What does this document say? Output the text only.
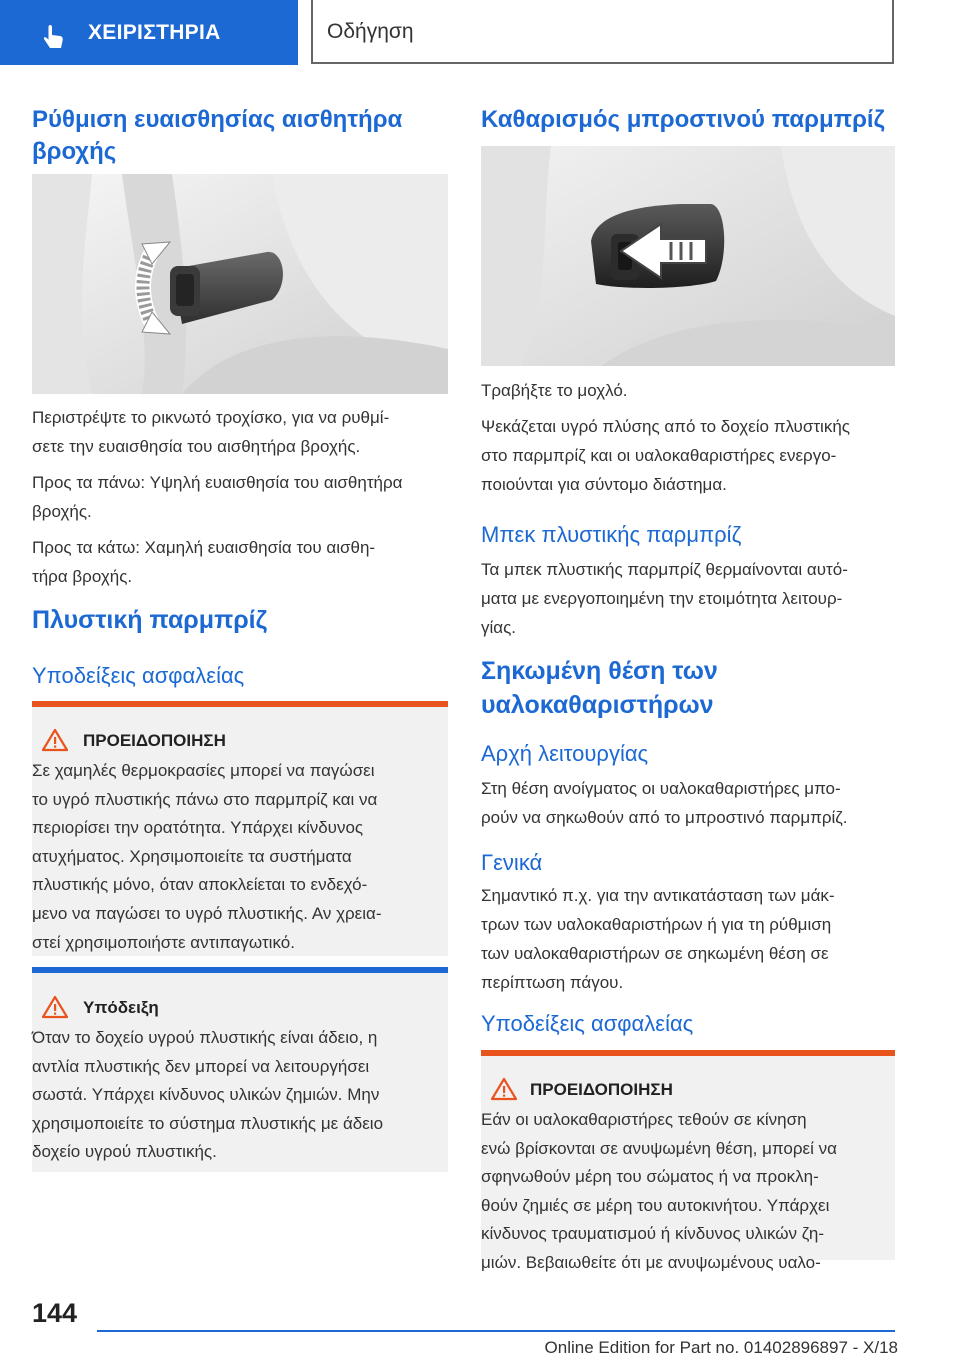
ΧΕΙΡΙΣΤΗΡΙΑ	Οδήγηση
Ρύθμιση ευαισθησίας αισθητήρα
βροχής
Περιστρέψτε το ρικνωτό τροχίσκο, για να ρυθμί-
σετε την ευαισθησία του αισθητήρα βροχής.
Προς τα πάνω: Υψηλή ευαισθησία του αισθητήρα
βροχής.
Προς τα κάτω: Χαμηλή ευαισθησία του αισθη-
τήρα βροχής.
Πλυστική παρμπρίζ
Υποδείξεις ασφαλείας
ΠΡΟΕΙΔΟΠΟΙΗΣΗ
Σε χαμηλές θερμοκρασίες μπορεί να παγώσει
το υγρό πλυστικής πάνω στο παρμπρίζ και να
περιορίσει την ορατότητα. Υπάρχει κίνδυνος
ατυχήματος. Χρησιμοποιείτε τα συστήματα
πλυστικής μόνο, όταν αποκλείεται το ενδεχό-
μενο να παγώσει το υγρό πλυστικής. Αν χρεια-
στεί χρησιμοποιήστε αντιπαγωτικό.
Υπόδειξη
Όταν το δοχείο υγρού πλυστικής είναι άδειο, η
αντλία πλυστικής δεν μπορεί να λειτουργήσει
σωστά. Υπάρχει κίνδυνος υλικών ζημιών. Μην
χρησιμοποιείτε το σύστημα πλυστικής με άδειο
δοχείο υγρού πλυστικής.
Καθαρισμός μπροστινού παρμπρίζ
Τραβήξτε το μοχλό.
Ψεκάζεται υγρό πλύσης από το δοχείο πλυστικής
στο παρμπρίζ και οι υαλοκαθαριστήρες ενεργο-
ποιούνται για σύντομο διάστημα.
Μπεκ πλυστικής παρμπρίζ
Τα μπεκ πλυστικής παρμπρίζ θερμαίνονται αυτό-
ματα με ενεργοποιημένη την ετοιμότητα λειτουρ-
γίας.
Σηκωμένη θέση των
υαλοκαθαριστήρων
Αρχή λειτουργίας
Στη θέση ανοίγματος οι υαλοκαθαριστήρες μπο-
ρούν να σηκωθούν από το μπροστινό παρμπρίζ.
Γενικά
Σημαντικό π.χ. για την αντικατάσταση των μάκ-
τρων των υαλοκαθαριστήρων ή για τη ρύθμιση
των υαλοκαθαριστήρων σε σηκωμένη θέση σε
περίπτωση πάγου.
Υποδείξεις ασφαλείας
ΠΡΟΕΙΔΟΠΟΙΗΣΗ
Εάν οι υαλοκαθαριστήρες τεθούν σε κίνηση
ενώ βρίσκονται σε ανυψωμένη θέση, μπορεί να
σφηνωθούν μέρη του σώματος ή να προκλη-
θούν ζημιές σε μέρη του αυτοκινήτου. Υπάρχει
κίνδυνος τραυματισμού ή κίνδυνος υλικών ζη-
μιών. Βεβαιωθείτε ότι με ανυψωμένους υαλο-
144
Online Edition for Part no. 01402896897 - X/18
